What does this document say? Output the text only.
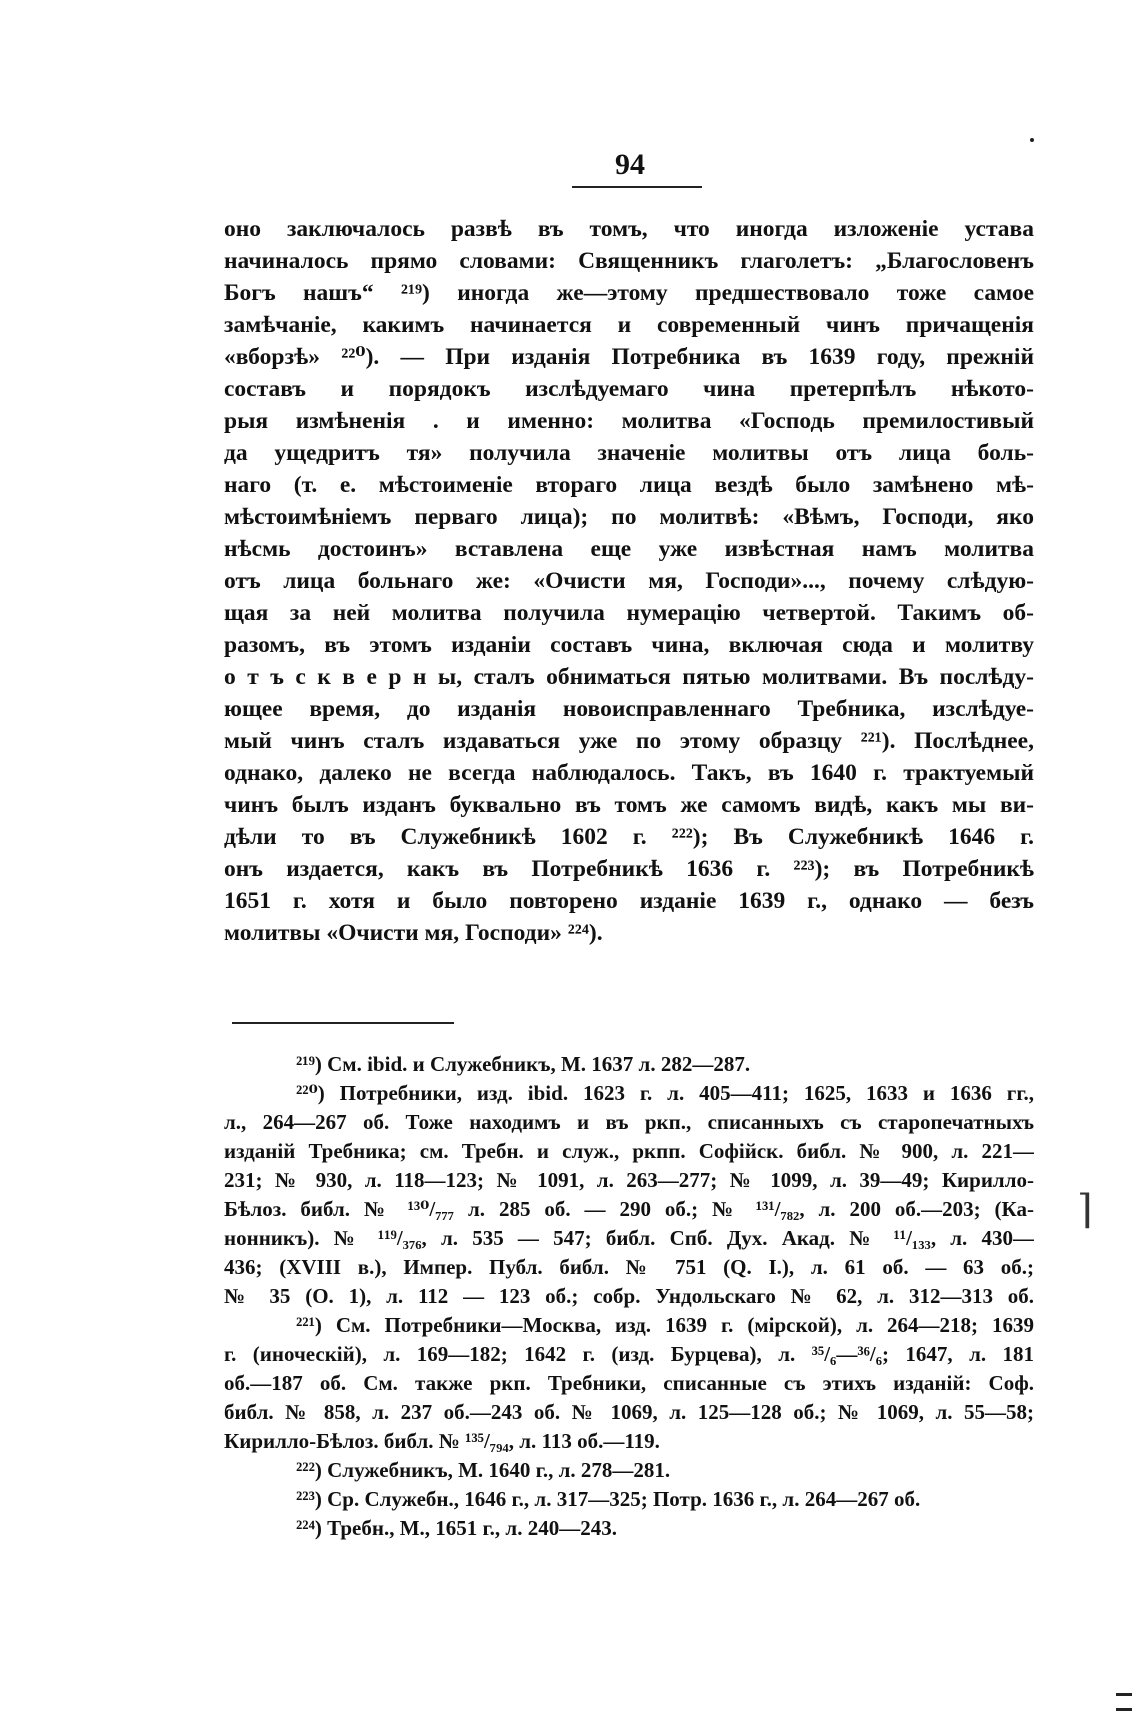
94
оно заключалось развѣ въ томъ, что иногда изложеніе устава
начиналось прямо словами: Священникъ глаголетъ: „Благословенъ
Богъ нашъ“ ²¹⁹) иногда же—этому предшествовало тоже самое
замѣчаніе, какимъ начинается и современный чинъ причащенія
«вборзѣ» ²²⁰). — При изданія Потребника въ 1639 году, прежній
составъ и порядокъ изслѣдуемаго чина претерпѣлъ нѣкото-
рыя измѣненія . и именно: молитва «Господь премилостивый
да ущедритъ тя» получила значеніе молитвы отъ лица боль-
наго (т. е. мѣстоименіе втораго лица вездѣ было замѣнено мѣ-
мѣстоимѣніемъ перваго лица); по молитвѣ: «Вѣмъ, Господи, яко
нѣсмь достоинъ» вставлена еще уже извѣстная намъ молитва
отъ лица больнаго же: «Очисти мя, Господи»..., почему слѣдую-
щая за ней молитва получила нумерацію четвертой. Такимъ об-
разомъ, въ этомъ изданіи составъ чина, включая сюда и молитву
о т ъ с к в е р н ы, сталъ обниматься пятью молитвами. Въ послѣду-
ющее время, до изданія новоисправленнаго Требника, изслѣдуе-
мый чинъ сталъ издаваться уже по этому образцу ²²¹). Послѣднее,
однако, далеко не всегда наблюдалось. Такъ, въ 1640 г. трактуемый
чинъ былъ изданъ буквально въ томъ же самомъ видѣ, какъ мы ви-
дѣли то въ Служебникѣ 1602 г. ²²²); Въ Служебникѣ 1646 г.
онъ издается, какъ въ Потребникѣ 1636 г. ²²³); въ Потребникѣ
1651 г. хотя и было повторено изданіе 1639 г., однако — безъ
молитвы «Очисти мя, Господи» ²²⁴).
²¹⁹) См. ibid. и Служебникъ, М. 1637 л. 282—287.
²²⁰) Потребники, изд. ibid. 1623 г. л. 405—411; 1625, 1633 и 1636 гг.,
л., 264—267 об. Тоже находимъ и въ ркп., списанныхъ съ старопечатныхъ
изданій Требника; см. Требн. и служ., ркпп. Софійск. библ. № 900, л. 221—
231; № 930, л. 118—123; № 1091, л. 263—277; № 1099, л. 39—49; Кирилло-
Бѣлоз. библ. № ¹³⁰/₇₇₇ л. 285 об. — 290 об.; № ¹³¹/₇₈₂, л. 200 об.—203; (Ка-
нонникъ). № ¹¹⁹/₃₇₆, л. 535 — 547; библ. Спб. Дух. Акад. № ¹¹/₁₃₃, л. 430—
436; (XVIII в.), Импер. Публ. библ. № 751 (Q. I.), л. 61 об. — 63 об.;
№ 35 (О. 1), л. 112 — 123 об.; собр. Ундольскаго № 62, л. 312—313 об.
²²¹) См. Потребники—Москва, изд. 1639 г. (мірской), л. 264—218; 1639
г. (иноческій), л. 169—182; 1642 г. (изд. Бурцева), л. ³⁵/₆—³⁶/₆; 1647, л. 181
об.—187 об. См. также ркп. Требники, списанные съ этихъ изданій: Соф.
библ. № 858, л. 237 об.—243 об. № 1069, л. 125—128 об.; № 1069, л. 55—58;
Кирилло-Бѣлоз. библ. № ¹³⁵/₇₉₄, л. 113 об.—119.
²²²) Служебникъ, М. 1640 г., л. 278—281.
²²³) Ср. Служебн., 1646 г., л. 317—325; Потр. 1636 г., л. 264—267 об.
²²⁴) Требн., М., 1651 г., л. 240—243.
⌉
